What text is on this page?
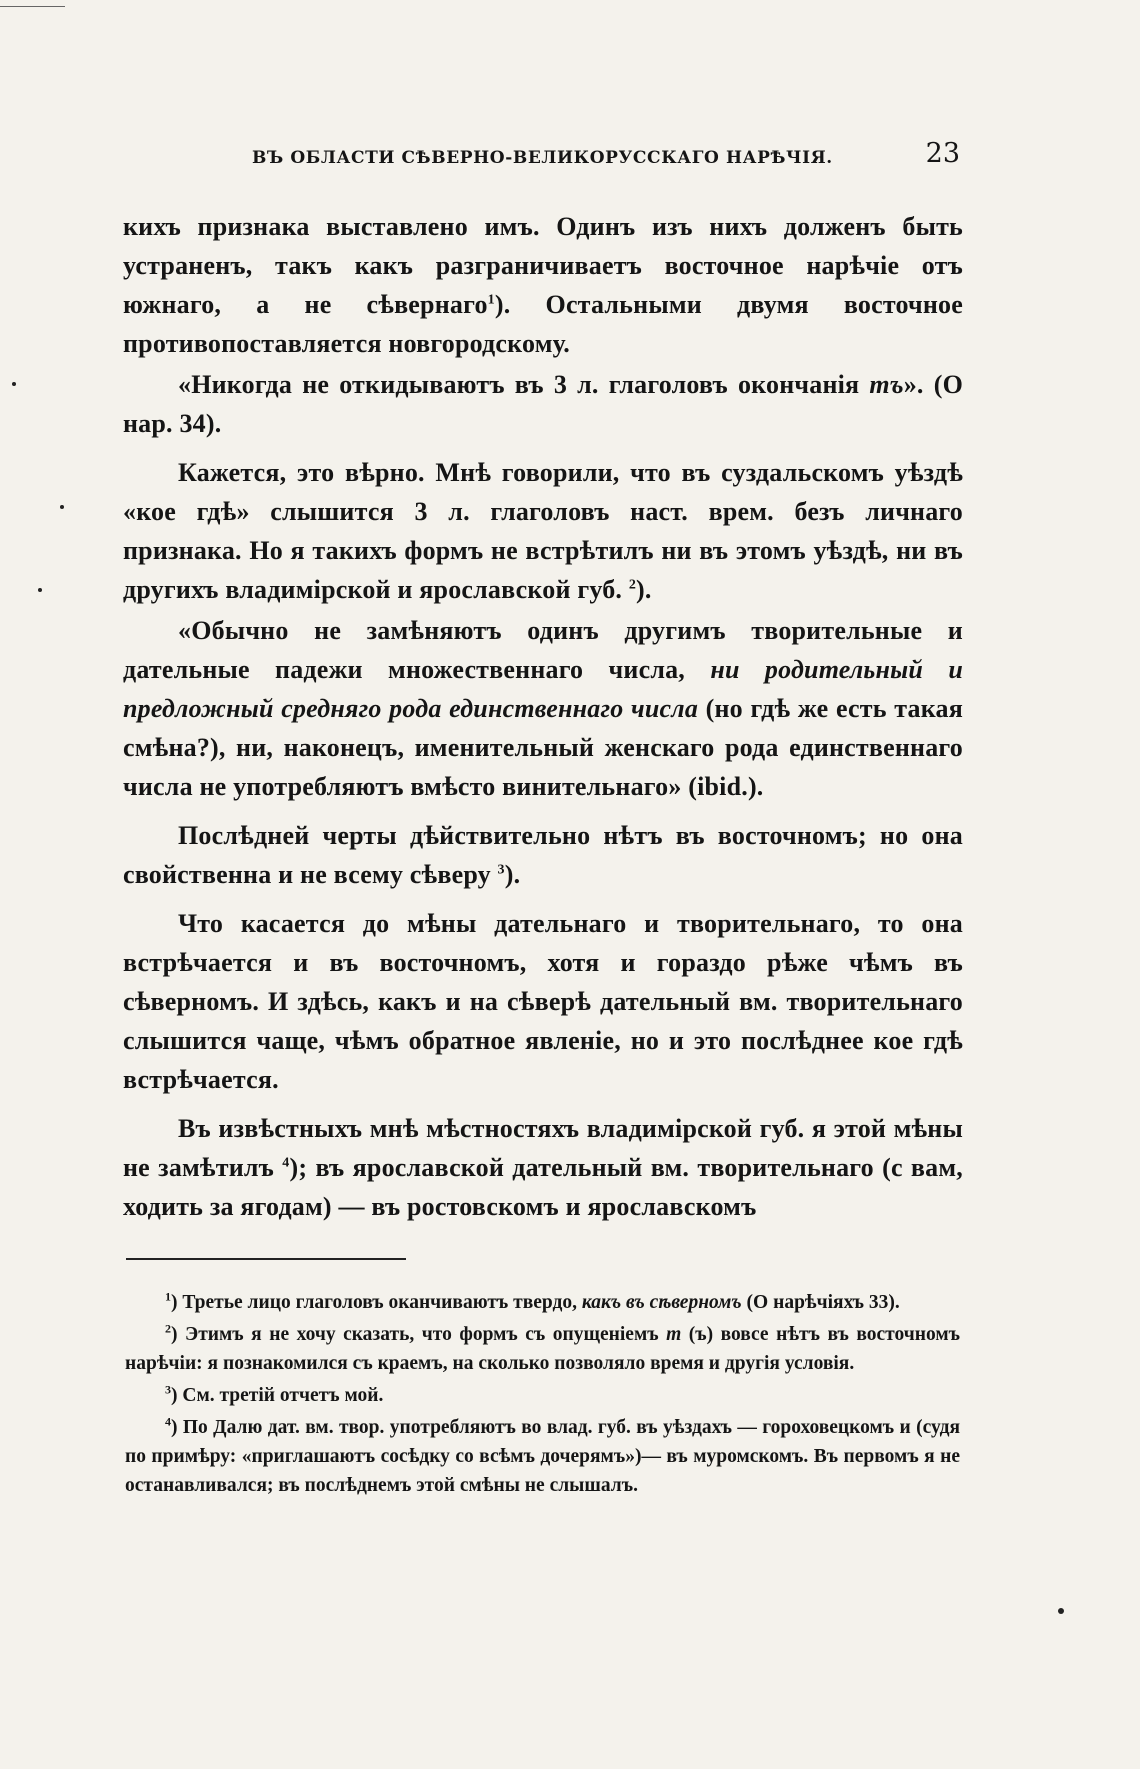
ВЪ ОБЛАСТИ СѢВЕРНО-ВЕЛИКОРУССКАГО НАРѢЧІЯ.	23

кихъ признака выставлено имъ. Одинъ изъ нихъ долженъ быть устраненъ, такъ какъ разграничиваетъ восточное нарѣчіе отъ южнаго, а не сѣвернаго$^1$). Остальными двумя восточное противопоставляется новгородскому.

«Никогда не откидываютъ въ 3 л. глаголовъ окончанія тъ». (О нар. 34).

Кажется, это вѣрно. Мнѣ говорили, что въ суздальскомъ уѣздѣ «кое гдѣ» слышится 3 л. глаголовъ наст. врем. безъ личнаго признака. Но я такихъ формъ не встрѣтилъ ни въ этомъ уѣздѣ, ни въ другихъ владимірской и ярославской губ. $^2$).

«Обычно не замѣняютъ одинъ другимъ творительные и дательные падежи множественнаго числа, ни родительный и предложный средняго рода единственнаго числа (но гдѣ же есть такая смѣна?), ни, наконецъ, именительный женскаго рода единственнаго числа не употребляютъ вмѣсто винительнаго» (ibid.).

Послѣдней черты дѣйствительно нѣтъ въ восточномъ; но она свойственна и не всему сѣверу $^3$).

Что касается до мѣны дательнаго и творительнаго, то она встрѣчается и въ восточномъ, хотя и гораздо рѣже чѣмъ въ сѣверномъ. И здѣсь, какъ и на сѣверѣ дательный вм. творительнаго слышится чаще, чѣмъ обратное явленіе, но и это послѣднее кое гдѣ встрѣчается.

Въ извѣстныхъ мнѣ мѣстностяхъ владимірской губ. я этой мѣны не замѣтилъ $^4$); въ ярославской дательный вм. творительнаго (с вам, ходить за ягодам) — въ ростовскомъ и ярославскомъ

$^1$) Третье лицо глаголовъ оканчиваютъ твердо, какъ въ сѣверномъ (О нарѣчіяхъ 33).

$^2$) Этимъ я не хочу сказать, что формъ съ опущеніемъ т (ъ) вовсе нѣтъ въ восточномъ нарѣчіи: я познакомился съ краемъ, на сколько позволяло время и другія условія.

$^3$) См. третій отчетъ мой.

$^4$) По Далю дат. вм. твор. употребляютъ во влад. губ. въ уѣздахъ — гороховецкомъ и (судя по примѣру: «приглашаютъ сосѣдку со всѣмъ дочерямъ»)— въ муромскомъ. Въ первомъ я не останавливался; въ послѣднемъ этой смѣны не слышалъ.
